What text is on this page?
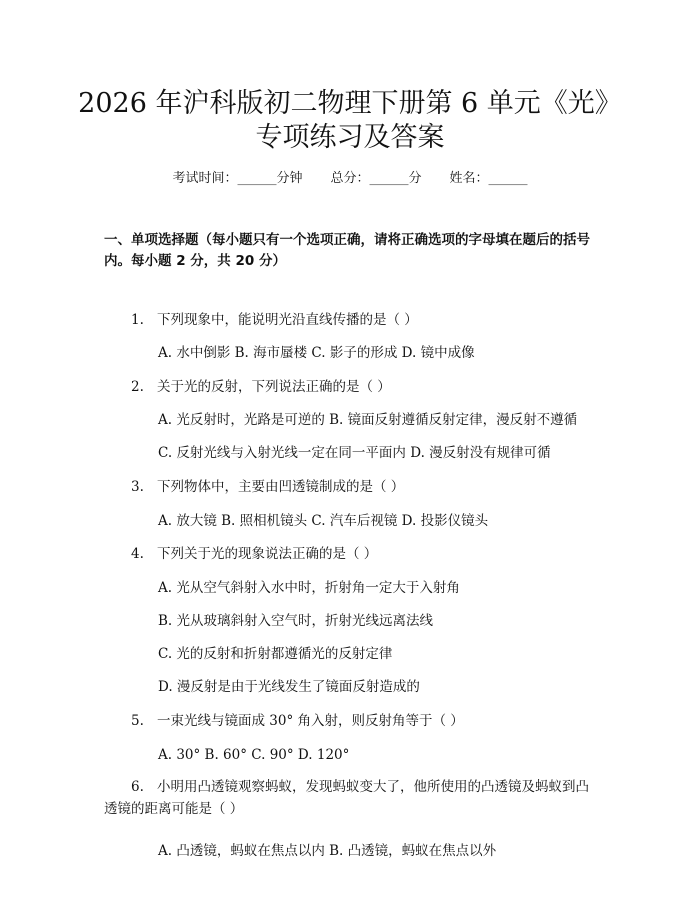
2026 年沪科版初二物理下册第 6 单元《光》
专项练习及答案
考试时间：______分钟 总分：______分 姓名：______
一、单项选择题（每小题只有一个选项正确，请将正确选项的字母填在题后的括号内。每小题 2 分，共 20 分）
1. 下列现象中，能说明光沿直线传播的是（ ）
A. 水中倒影 B. 海市蜃楼 C. 影子的形成 D. 镜中成像
2. 关于光的反射，下列说法正确的是（ ）
A. 光反射时，光路是可逆的 B. 镜面反射遵循反射定律，漫反射不遵循
C. 反射光线与入射光线一定在同一平面内 D. 漫反射没有规律可循
3. 下列物体中，主要由凹透镜制成的是（ ）
A. 放大镜 B. 照相机镜头 C. 汽车后视镜 D. 投影仪镜头
4. 下列关于光的现象说法正确的是（ ）
A. 光从空气斜射入水中时，折射角一定大于入射角
B. 光从玻璃斜射入空气时，折射光线远离法线
C. 光的反射和折射都遵循光的反射定律
D. 漫反射是由于光线发生了镜面反射造成的
5. 一束光线与镜面成 30° 角入射，则反射角等于（ ）
A. 30° B. 60° C. 90° D. 120°
6. 小明用凸透镜观察蚂蚁，发现蚂蚁变大了，他所使用的凸透镜及蚂蚁到凸透镜的距离可能是（ ）
A. 凸透镜，蚂蚁在焦点以内 B. 凸透镜，蚂蚁在焦点以外
